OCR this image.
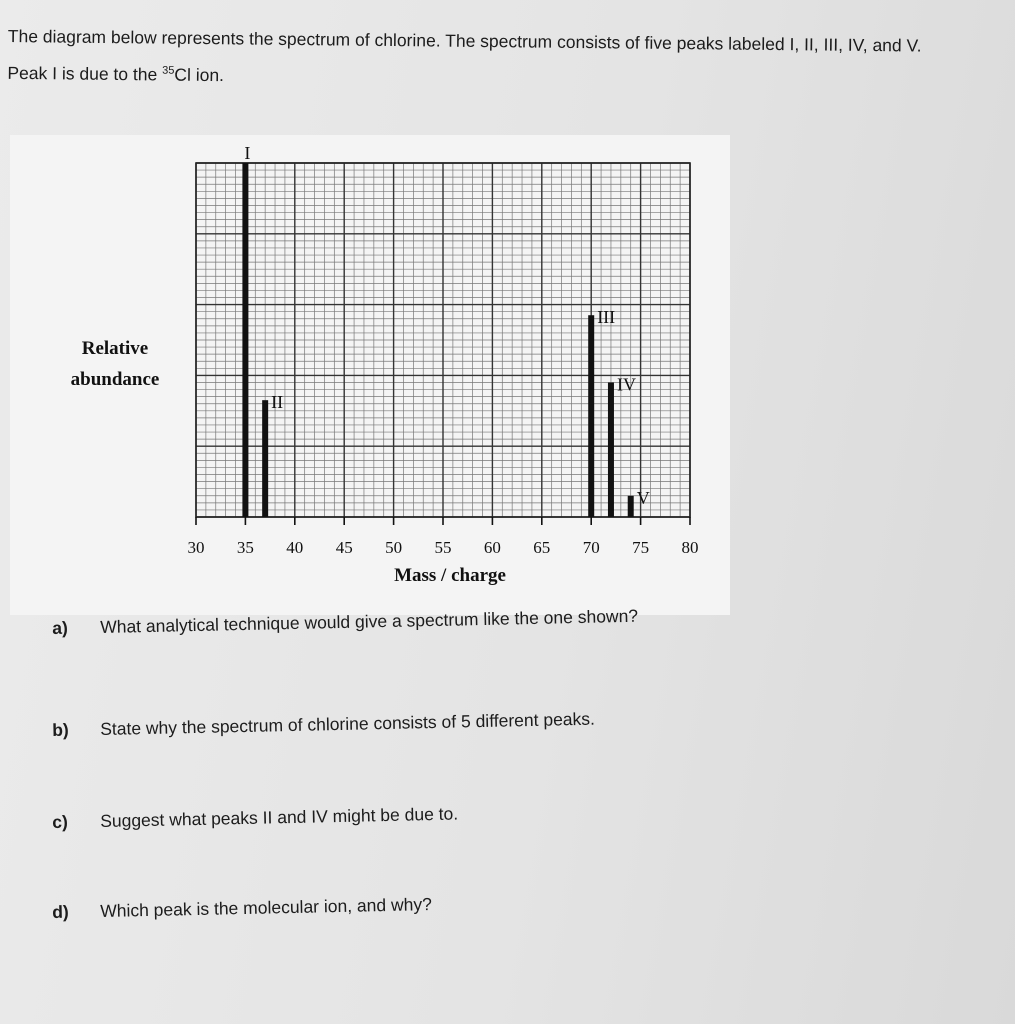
The diagram below represents the spectrum of chlorine. The spectrum consists of five peaks labeled I, II, III, IV, and V.
Peak I is due to the $^{35}$Cl ion.
30 35 40 45 50 55 60 65 70 75 80
I
II
III
IV
V
Relative
abundance
Mass / charge
a) What analytical technique would give a spectrum like the one shown?
b) State why the spectrum of chlorine consists of 5 different peaks.
c) Suggest what peaks II and IV might be due to.
d) Which peak is the molecular ion, and why?
